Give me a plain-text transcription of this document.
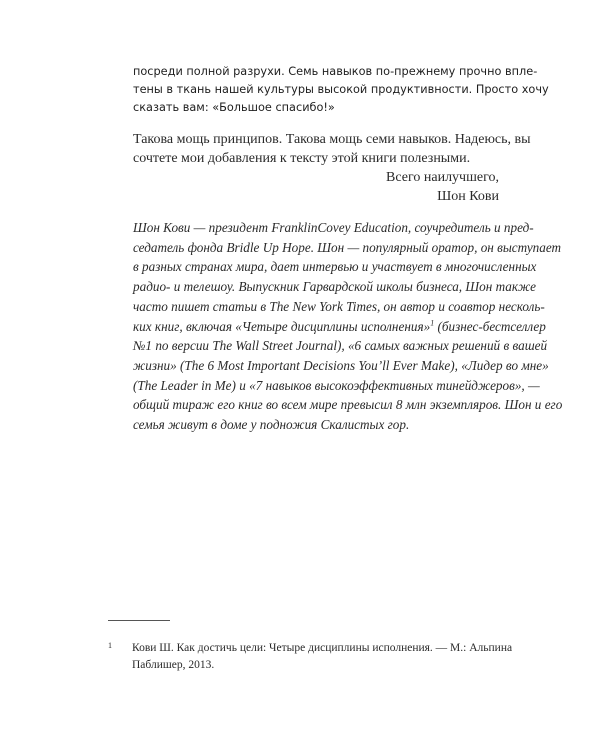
посреди полной разрухи. Семь навыков по-прежнему прочно впле-

тены в ткань нашей культуры высокой продуктивности. Просто хочу

сказать вам: «Большое спасибо!»

Такова мощь принципов. Такова мощь семи навыков. Надеюсь, вы

сочтете мои добавления к тексту этой книги полезными.

Всего наилучшего,

Шон Кови

Шон Кови — президент FranklinCovey Education, соучредитель и пред-

седатель фонда Bridle Up Hope. Шон — популярный оратор, он выступает

в разных странах мира, дает интервью и участвует в многочисленных

радио- и телешоу. Выпускник Гарвардской школы бизнеса, Шон также

часто пишет статьи в The New York Times, он автор и соавтор несколь-

ких книг, включая «Четыре дисциплины исполнения»$^1$ (бизнес-бестселлер

№1 по версии The Wall Street Journal), «6 самых важных решений в вашей

жизни» (The 6 Most Important Decisions You’ll Ever Make), «Лидер во мне»

(The Leader in Me) и «7 навыков высокоэффективных тинейджеров», —

общий тираж его книг во всем мире превысил 8 млн экземпляров. Шон и его

семья живут в доме у подножия Скалистых гор.

1 Кови Ш. Как достичь цели: Четыре дисциплины исполнения. — М.: Альпина

Паблишер, 2013.
